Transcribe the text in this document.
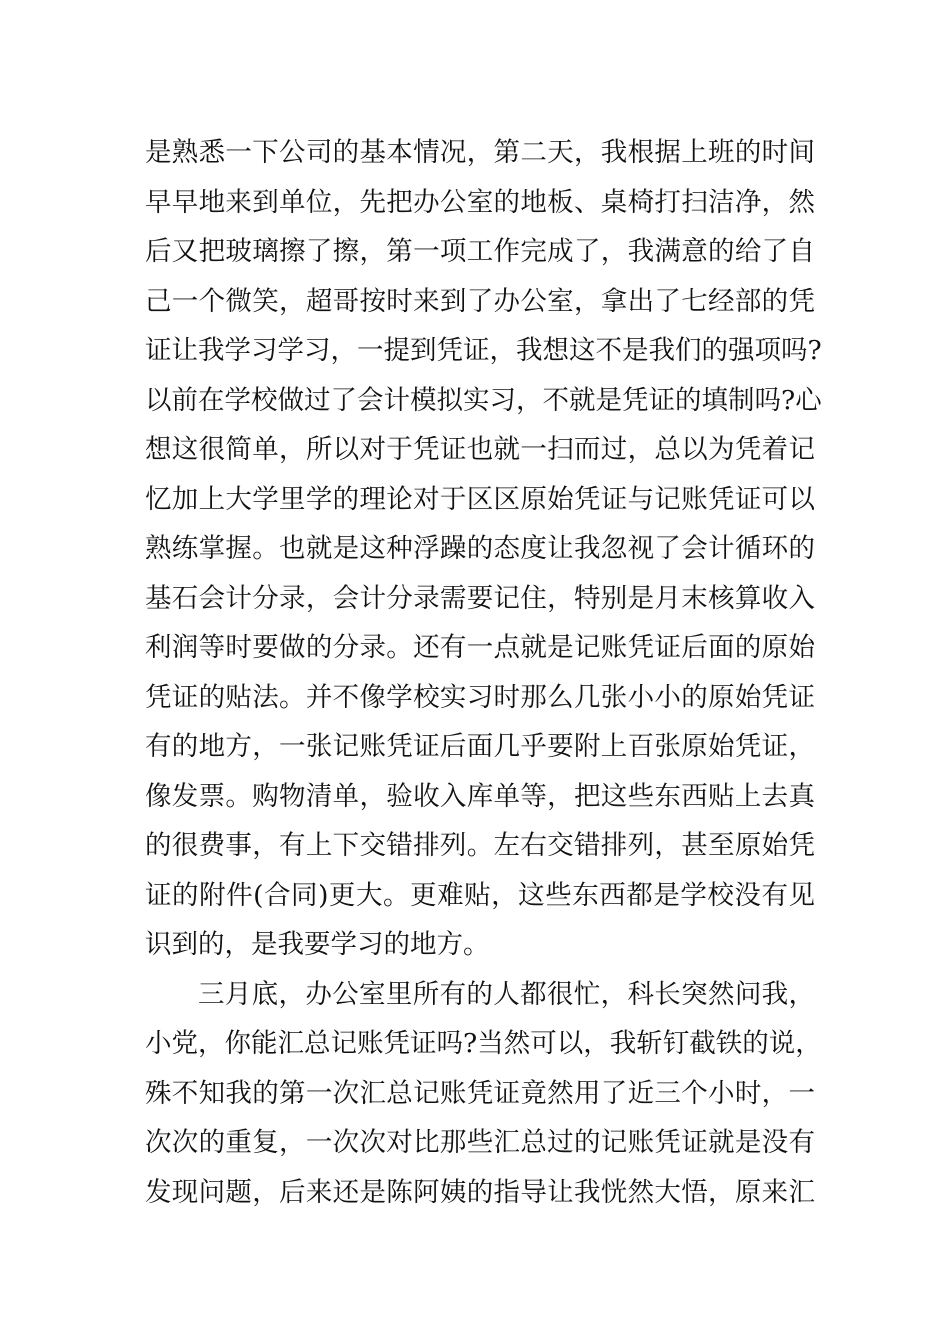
是熟悉一下公司的基本情况，第二天，我根据上班的时间
早早地来到单位，先把办公室的地板、桌椅打扫洁净，然
后又把玻璃擦了擦，第一项工作完成了，我满意的给了自
己一个微笑，超哥按时来到了办公室，拿出了七经部的凭
证让我学习学习，一提到凭证，我想这不是我们的强项吗?
以前在学校做过了会计模拟实习，不就是凭证的填制吗?心
想这很简单，所以对于凭证也就一扫而过，总以为凭着记
忆加上大学里学的理论对于区区原始凭证与记账凭证可以
熟练掌握。也就是这种浮躁的态度让我忽视了会计循环的
基石会计分录，会计分录需要记住，特别是月末核算收入
利润等时要做的分录。还有一点就是记账凭证后面的原始
凭证的贴法。并不像学校实习时那么几张小小的原始凭证
有的地方，一张记账凭证后面几乎要附上百张原始凭证，
像发票。购物清单，验收入库单等，把这些东西贴上去真
的很费事，有上下交错排列。左右交错排列，甚至原始凭
证的附件(合同)更大。更难贴，这些东西都是学校没有见
识到的，是我要学习的地方。
三月底，办公室里所有的人都很忙，科长突然问我，
小党，你能汇总记账凭证吗?当然可以，我斩钉截铁的说，
殊不知我的第一次汇总记账凭证竟然用了近三个小时，一
次次的重复，一次次对比那些汇总过的记账凭证就是没有
发现问题，后来还是陈阿姨的指导让我恍然大悟，原来汇
